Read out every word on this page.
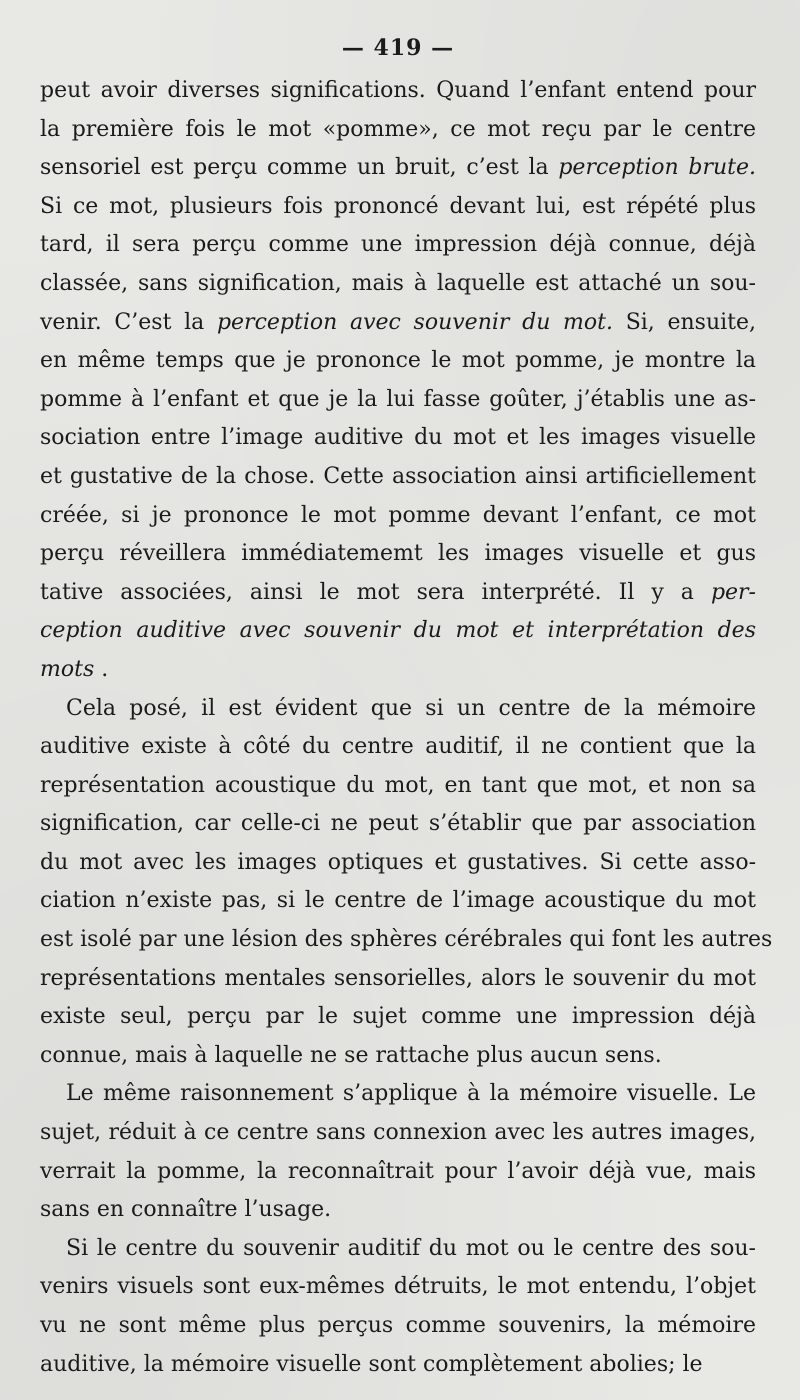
— 419 —
peut avoir diverses significations. Quand l’enfant entend pour
la première fois le mot «pomme», ce mot reçu par le centre
sensoriel est perçu comme un bruit, c’est la perception brute.
Si ce mot, plusieurs fois prononcé devant lui, est répété plus
tard, il sera perçu comme une impression déjà connue, déjà
classée, sans signification, mais à laquelle est attaché un sou-
venir. C’est la perception avec souvenir du mot. Si, ensuite,
en même temps que je prononce le mot pomme, je montre la
pomme à l’enfant et que je la lui fasse goûter, j’établis une as-
sociation entre l’image auditive du mot et les images visuelle
et gustative de la chose. Cette association ainsi artificiellement
créée, si je prononce le mot pomme devant l’enfant, ce mot
perçu réveillera immédiatememt les images visuelle et gus
tative associées, ainsi le mot sera interprété. Il y a per-
ception auditive avec souvenir du mot et interprétation des
mots .
Cela posé, il est évident que si un centre de la mémoire
auditive existe à côté du centre auditif, il ne contient que la
représentation acoustique du mot, en tant que mot, et non sa
signification, car celle-ci ne peut s’établir que par association
du mot avec les images optiques et gustatives. Si cette asso-
ciation n’existe pas, si le centre de l’image acoustique du mot
est isolé par une lésion des sphères cérébrales qui font les autres
représentations mentales sensorielles, alors le souvenir du mot
existe seul, perçu par le sujet comme une impression déjà
connue, mais à laquelle ne se rattache plus aucun sens.
Le même raisonnement s’applique à la mémoire visuelle. Le
sujet, réduit à ce centre sans connexion avec les autres images,
verrait la pomme, la reconnaîtrait pour l’avoir déjà vue, mais
sans en connaître l’usage.
Si le centre du souvenir auditif du mot ou le centre des sou-
venirs visuels sont eux-mêmes détruits, le mot entendu, l’objet
vu ne sont même plus perçus comme souvenirs, la mémoire
auditive, la mémoire visuelle sont complètement abolies; le
